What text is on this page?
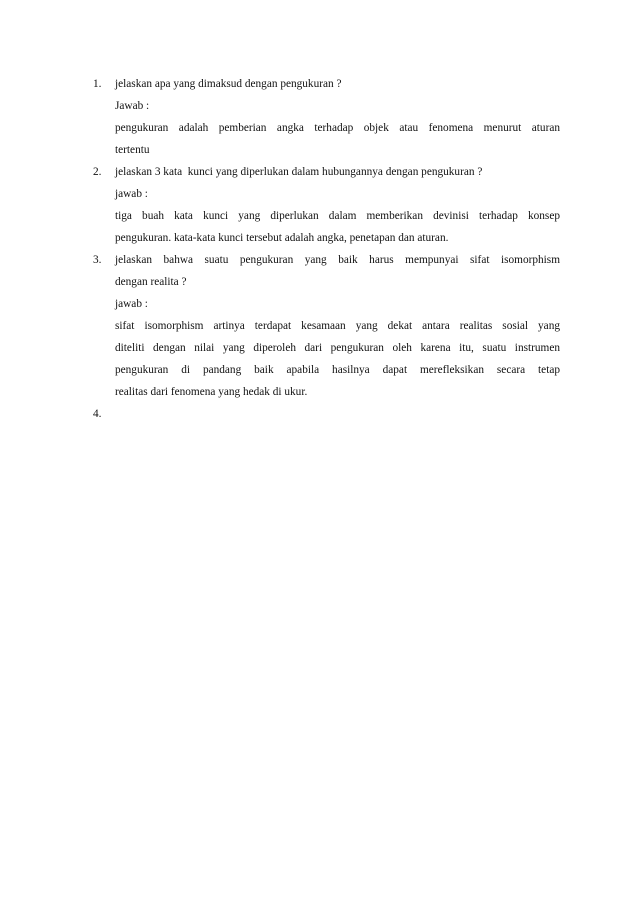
1. jelaskan apa yang dimaksud dengan pengukuran ?
Jawab :
pengukuran adalah pemberian angka terhadap objek atau fenomena menurut aturan
tertentu
2. jelaskan 3 kata  kunci yang diperlukan dalam hubungannya dengan pengukuran ?
jawab :
tiga buah kata kunci yang diperlukan dalam memberikan devinisi terhadap konsep
pengukuran. kata-kata kunci tersebut adalah angka, penetapan dan aturan.
3. jelaskan bahwa suatu pengukuran yang baik harus mempunyai sifat isomorphism
dengan realita ?
jawab :
sifat isomorphism artinya terdapat kesamaan yang dekat antara realitas sosial yang
diteliti dengan nilai yang diperoleh dari pengukuran oleh karena itu, suatu instrumen
pengukuran di pandang baik apabila hasilnya dapat merefleksikan secara tetap
realitas dari fenomena yang hedak di ukur.
4.
